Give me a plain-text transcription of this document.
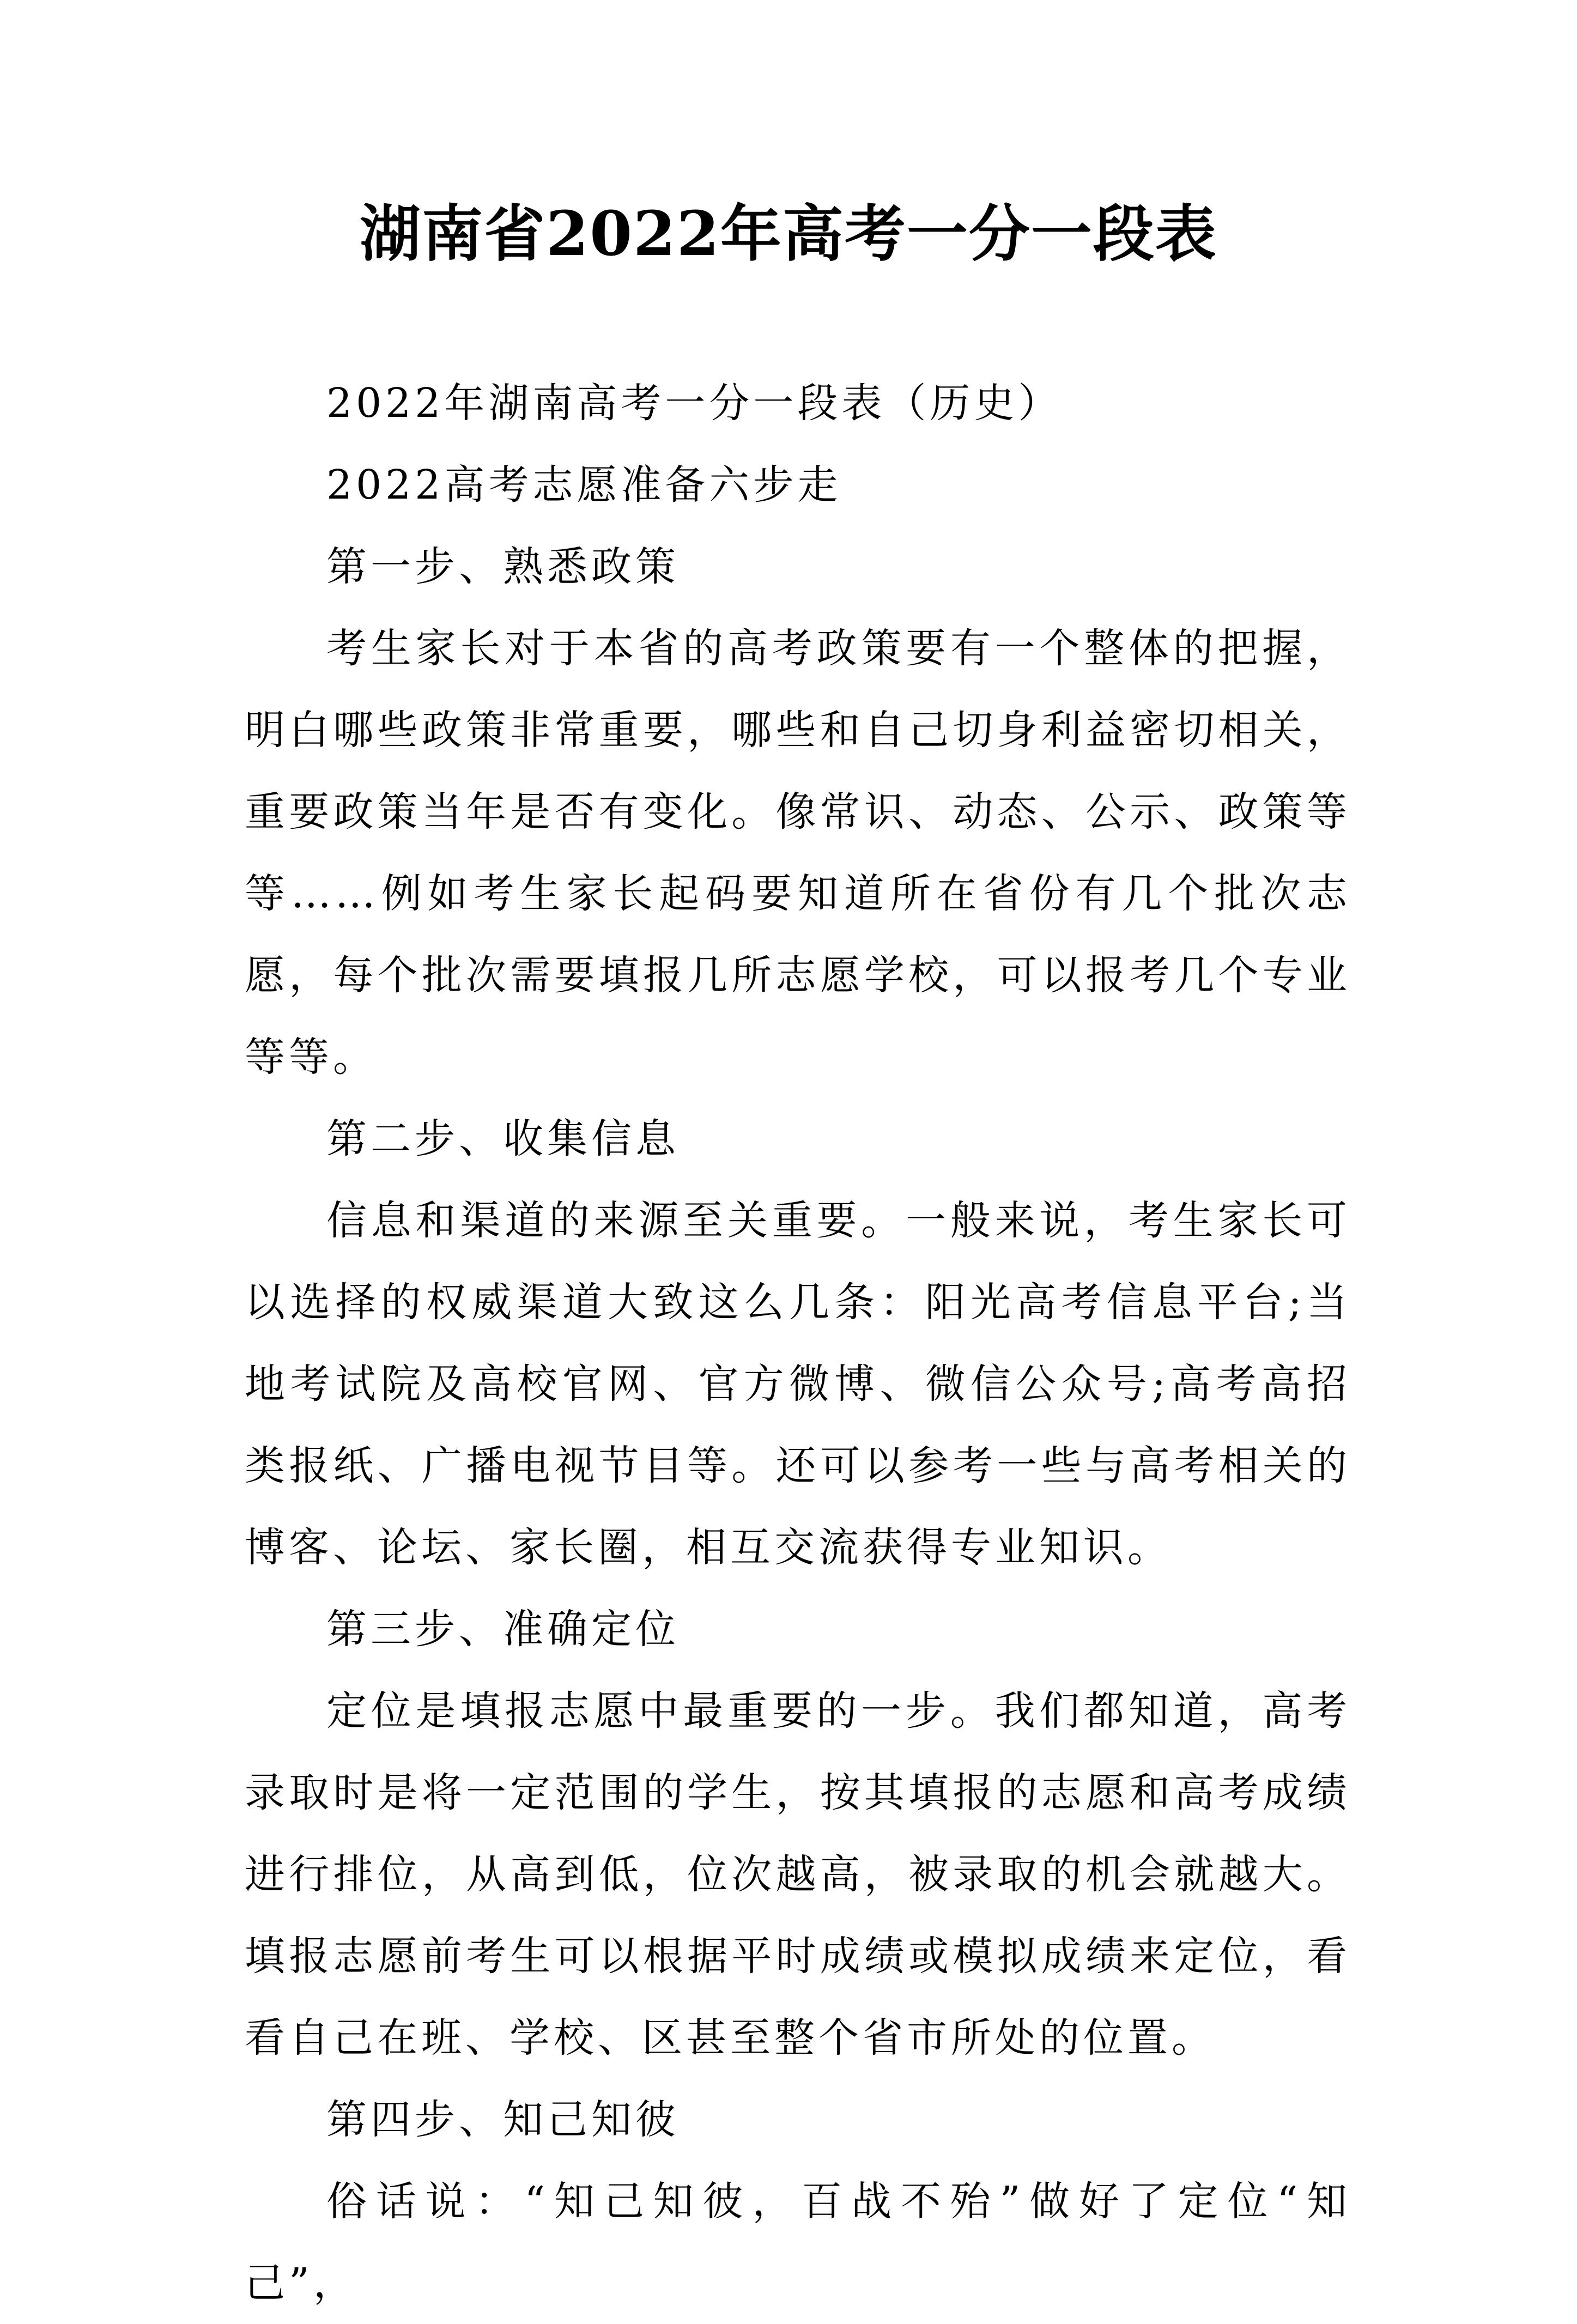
湖南省2022年高考一分一段表

2022年湖南高考一分一段表（历史）

2022高考志愿准备六步走

第一步、熟悉政策

考生家长对于本省的高考政策要有一个整体的把握，明白哪些政策非常重要，哪些和自己切身利益密切相关，重要政策当年是否有变化。像常识、动态、公示、政策等等……例如考生家长起码要知道所在省份有几个批次志愿，每个批次需要填报几所志愿学校，可以报考几个专业等等。

第二步、收集信息

信息和渠道的来源至关重要。一般来说，考生家长可以选择的权威渠道大致这么几条：阳光高考信息平台;当地考试院及高校官网、官方微博、微信公众号;高考高招类报纸、广播电视节目等。还可以参考一些与高考相关的博客、论坛、家长圈，相互交流获得专业知识。

第三步、准确定位

定位是填报志愿中最重要的一步。我们都知道，高考录取时是将一定范围的学生，按其填报的志愿和高考成绩进行排位，从高到低，位次越高，被录取的机会就越大。填报志愿前考生可以根据平时成绩或模拟成绩来定位，看看自己在班、学校、区甚至整个省市所处的位置。

第四步、知己知彼

俗话说：“知己知彼，百战不殆”做好了定位“知己”，
